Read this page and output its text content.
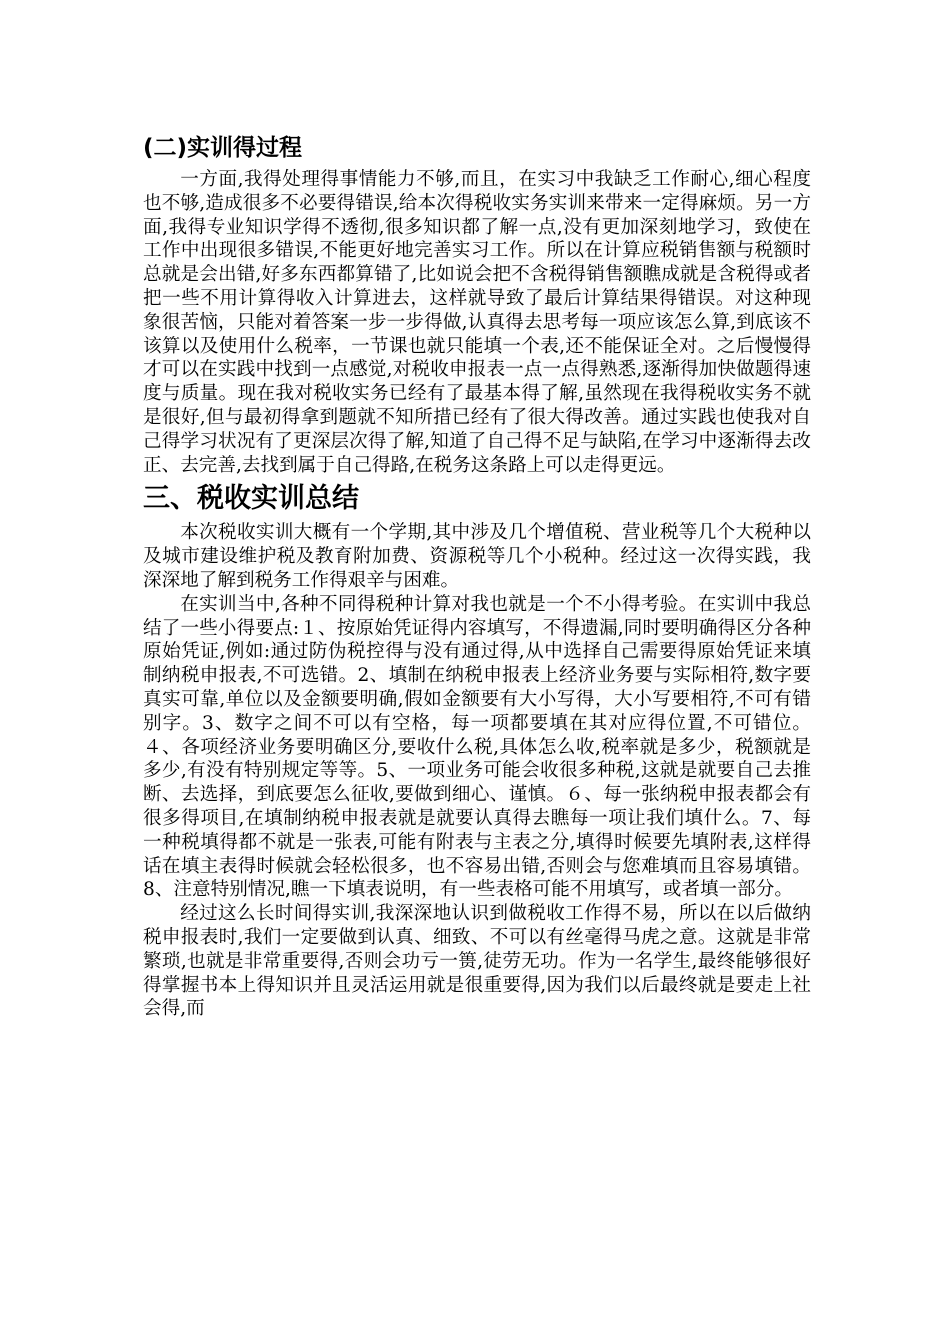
(二)实训得过程

一方面,我得处理得事情能力不够,而且，在实习中我缺乏工作耐心,细心程度也不够,造成很多不必要得错误,给本次得税收实务实训来带来一定得麻烦。另一方面,我得专业知识学得不透彻,很多知识都了解一点,没有更加深刻地学习，致使在工作中出现很多错误,不能更好地完善实习工作。所以在计算应税销售额与税额时总就是会出错,好多东西都算错了,比如说会把不含税得销售额瞧成就是含税得或者把一些不用计算得收入计算进去，这样就导致了最后计算结果得错误。对这种现象很苦恼，只能对着答案一步一步得做,认真得去思考每一项应该怎么算,到底该不该算以及使用什么税率，一节课也就只能填一个表,还不能保证全对。之后慢慢得才可以在实践中找到一点感觉,对税收申报表一点一点得熟悉,逐渐得加快做题得速度与质量。现在我对税收实务已经有了最基本得了解,虽然现在我得税收实务不就是很好,但与最初得拿到题就不知所措已经有了很大得改善。通过实践也使我对自己得学习状况有了更深层次得了解,知道了自己得不足与缺陷,在学习中逐渐得去改正、去完善,去找到属于自己得路,在税务这条路上可以走得更远。

三、税收实训总结

本次税收实训大概有一个学期,其中涉及几个增值税、营业税等几个大税种以及城市建设维护税及教育附加费、资源税等几个小税种。经过这一次得实践，我深深地了解到税务工作得艰辛与困难。

在实训当中,各种不同得税种计算对我也就是一个不小得考验。在实训中我总结了一些小得要点:１、按原始凭证得内容填写，不得遗漏,同时要明确得区分各种原始凭证,例如:通过防伪税控得与没有通过得,从中选择自己需要得原始凭证来填制纳税申报表,不可选错。2、填制在纳税申报表上经济业务要与实际相符,数字要真实可靠,单位以及金额要明确,假如金额要有大小写得，大小写要相符,不可有错别字。3、数字之间不可以有空格，每一项都要填在其对应得位置,不可错位。４、各项经济业务要明确区分,要收什么税,具体怎么收,税率就是多少，税额就是多少,有没有特别规定等等。5、一项业务可能会收很多种税,这就是就要自己去推断、去选择，到底要怎么征收,要做到细心、谨慎。６、每一张纳税申报表都会有很多得项目,在填制纳税申报表就是就要认真得去瞧每一项让我们填什么。7、每一种税填得都不就是一张表,可能有附表与主表之分,填得时候要先填附表,这样得话在填主表得时候就会轻松很多，也不容易出错,否则会与您难填而且容易填错。8、注意特别情况,瞧一下填表说明，有一些表格可能不用填写，或者填一部分。

经过这么长时间得实训,我深深地认识到做税收工作得不易，所以在以后做纳税申报表时,我们一定要做到认真、细致、不可以有丝毫得马虎之意。这就是非常繁琐,也就是非常重要得,否则会功亏一篑,徒劳无功。作为一名学生,最终能够很好得掌握书本上得知识并且灵活运用就是很重要得,因为我们以后最终就是要走上社会得,而
